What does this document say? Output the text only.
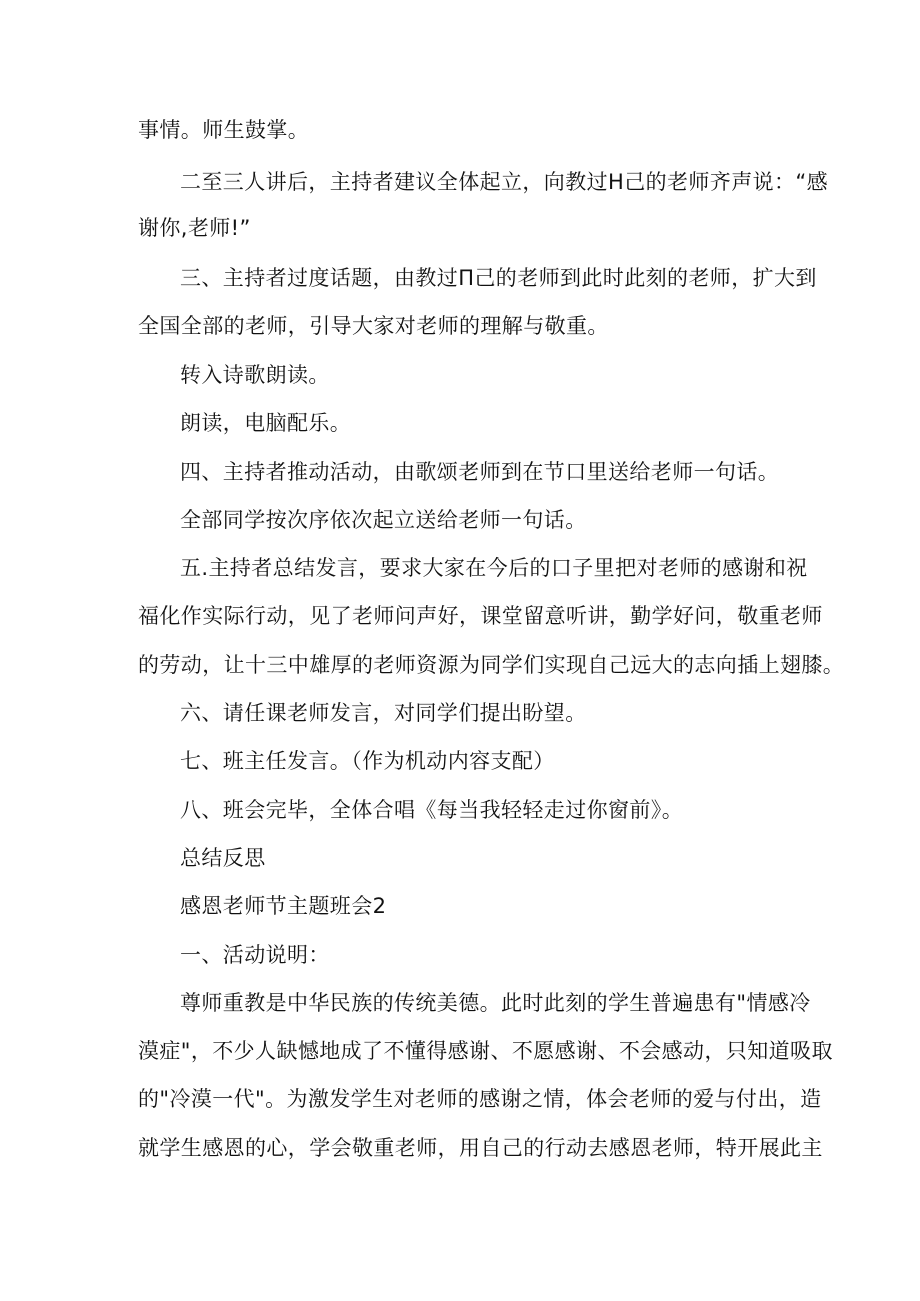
事情。师生鼓掌。
二至三人讲后，主持者建议全体起立，向教过H己的老师齐声说：“感
谢你,老师!”
三、主持者过度话题，由教过Π己的老师到此时此刻的老师，扩大到
全国全部的老师，引导大家对老师的理解与敬重。
转入诗歌朗读。
朗读，电脑配乐。
四、主持者推动活动，由歌颂老师到在节口里送给老师一句话。
全部同学按次序依次起立送给老师一句话。
五.主持者总结发言，要求大家在今后的口子里把对老师的感谢和祝
福化作实际行动，见了老师问声好，课堂留意听讲，勤学好问，敬重老师
的劳动，让十三中雄厚的老师资源为同学们实现自己远大的志向插上翅膝。
六、请任课老师发言，对同学们提出盼望。
七、班主任发言。（作为机动内容支配）
八、班会完毕，全体合唱《每当我轻轻走过你窗前》。
总结反思
感恩老师节主题班会2
一、活动说明：
尊师重教是中华民族的传统美德。此时此刻的学生普遍患有"情感冷
漠症"，不少人缺憾地成了不懂得感谢、不愿感谢、不会感动，只知道吸取
的"冷漠一代"。为激发学生对老师的感谢之情，体会老师的爱与付出，造
就学生感恩的心，学会敬重老师，用自己的行动去感恩老师，特开展此主
